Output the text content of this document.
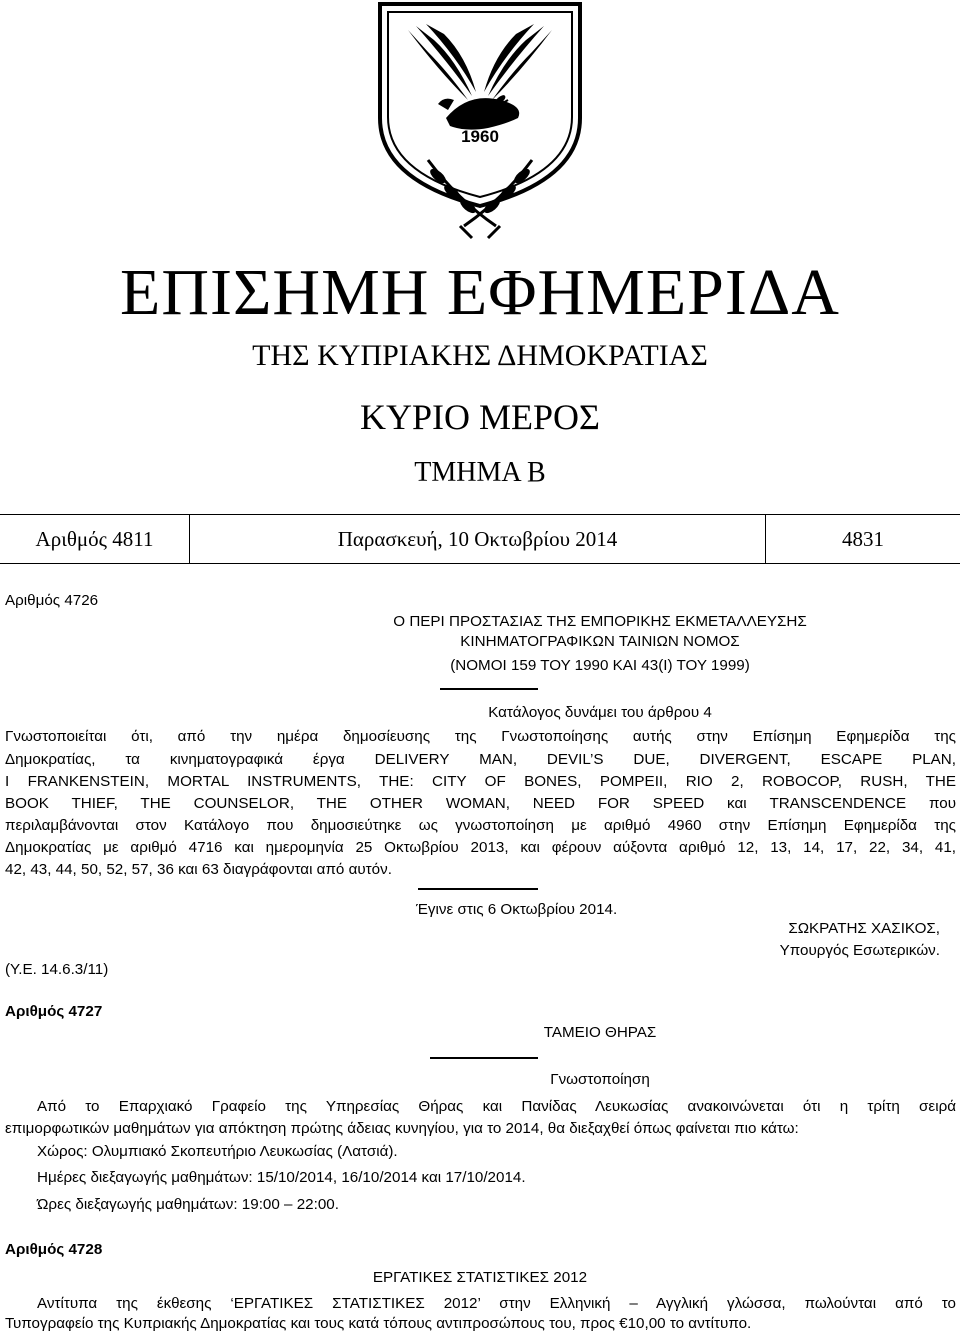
1960
ΕΠΙΣΗΜΗ ΕΦΗΜΕΡΙΔΑ
ΤΗΣ ΚΥΠΡΙΑΚΗΣ ΔΗΜΟΚΡΑΤΙΑΣ
ΚΥΡΙΟ ΜΕΡΟΣ
ΤΜΗΜΑ Β
Αριθμός 4811	Παρασκευή, 10 Οκτωβρίου 2014	4831
Αριθμός 4726
Ο ΠΕΡΙ ΠΡΟΣΤΑΣΙΑΣ ΤΗΣ ΕΜΠΟΡΙΚΗΣ ΕΚΜΕΤΑΛΛΕΥΣΗΣ
ΚΙΝΗΜΑΤΟΓΡΑΦΙΚΩΝ ΤΑΙΝΙΩΝ ΝΟΜΟΣ
(ΝΟΜΟΙ 159 ΤΟΥ 1990 ΚΑΙ 43(Ι) ΤΟΥ 1999)
Κατάλογος δυνάμει του άρθρου 4
Γνωστοποιείται ότι, από την ημέρα δημοσίευσης της Γνωστοποίησης αυτής στην Επίσημη Εφημερίδα της
Δημοκρατίας, τα κινηματογραφικά έργα DELIVERY MAN, DEVIL’S DUE, DIVERGENT, ESCAPE PLAN,
I FRANKENSTEIN, MORTAL INSTRUMENTS, THE: CITY OF BONES, POMPEII, RIO 2, ROBOCOP, RUSH, THE
BOOK THIEF, THE COUNSELOR, THE OTHER WOMAN, NEED FOR SPEED και TRANSCENDENCE που
περιλαμβάνονται στον Κατάλογο που δημοσιεύτηκε ως γνωστοποίηση με αριθμό 4960 στην Επίσημη Εφημερίδα της
Δημοκρατίας με αριθμό 4716 και ημερομηνία 25 Οκτωβρίου 2013, και φέρουν αύξοντα αριθμό 12, 13, 14, 17, 22, 34, 41,
42, 43, 44, 50, 52, 57, 36 και 63 διαγράφονται από αυτόν.
Έγινε στις 6 Οκτωβρίου 2014.
ΣΩΚΡΑΤΗΣ ΧΑΣΙΚΟΣ,
Υπουργός Εσωτερικών.
(Υ.Ε. 14.6.3/11)
Αριθμός 4727
ΤΑΜΕΙΟ ΘΗΡΑΣ
Γνωστοποίηση
Από το Επαρχιακό Γραφείο της Υπηρεσίας Θήρας και Πανίδας Λευκωσίας ανακοινώνεται ότι η τρίτη σειρά
επιμορφωτικών μαθημάτων για απόκτηση πρώτης άδειας κυνηγίου, για το 2014, θα διεξαχθεί όπως φαίνεται πιο κάτω:
Χώρος: Ολυμπιακό Σκοπευτήριο Λευκωσίας (Λατσιά).
Ημέρες διεξαγωγής μαθημάτων: 15/10/2014, 16/10/2014 και 17/10/2014.
Ώρες διεξαγωγής μαθημάτων: 19:00 – 22:00.
Αριθμός 4728
ΕΡΓΑΤΙΚΕΣ ΣΤΑΤΙΣΤΙΚΕΣ 2012
Αντίτυπα της έκθεσης ‘ΕΡΓΑΤΙΚΕΣ ΣΤΑΤΙΣΤΙΚΕΣ 2012’ στην Ελληνική – Αγγλική γλώσσα, πωλούνται από το
Τυπογραφείο της Κυπριακής Δημοκρατίας και τους κατά τόπους αντιπροσώπους του, προς €10,00 το αντίτυπο.
